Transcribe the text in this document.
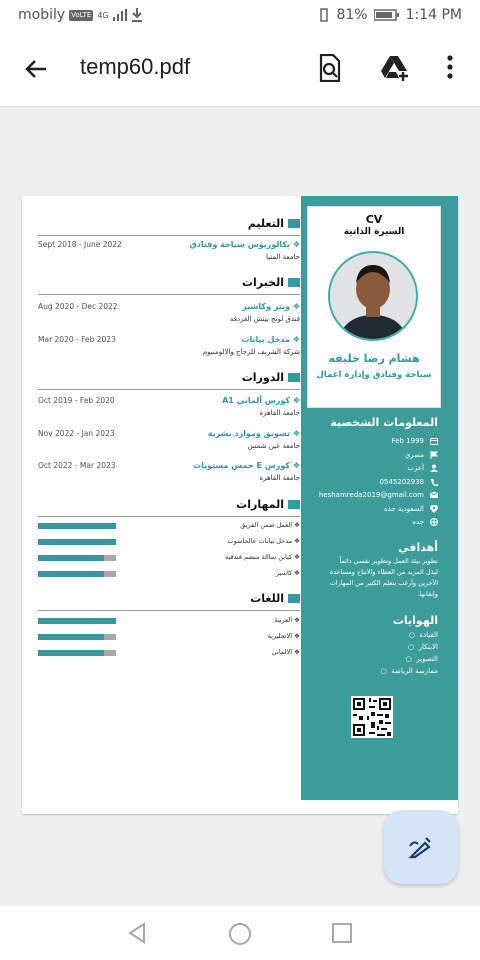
mobily VoLTE 4G	81%	1:14 PM
temp60.pdf
التعليم
❖ بكالوريوس سياحة وفنادق
جامعة المنيا
Sept 2018 - June 2022
الخبرات
❖ ويتر وكاشير
فندق لونج بيتش الغردقة
Aug 2020 - Dec 2022
❖ مدخل بيانات
شركة الشريف للزجاج والالومنيوم
Mar 2020 - Feb 2023
الدورات
❖ كورس ألماني A1
جامعة القاهرة
Oct 2019 - Feb 2020
❖ تسويق وموارد بشرية
جامعة عين شمس
Nov 2022 - Jan 2023
❖ كورس E خمس مستويات
جامعة القاهرة
Oct 2022 - Mar 2023
المهارات
❖ العمل ضمن الفريق
❖ مدخل بيانات عالحاسوب
❖ كيابن ساالة منضم فندقية
❖ كاشير
اللغات
❖ العربية
❖ الانجليزية
❖ الالماني
CV
السيرة الذاتية
هشام رضا خليفه
سياحة وفنادق وإدارة اعمال
المعلومات الشخصية
Feb 1999
مصري
أعزب
0545202938
heshamreda2019@gmail.com
السعودية جده
جده
أهدافي
تطوير بيئة العمل وتطوير نفسي دائماً لبذل المزيد من العطاء والانتاج ومساعدة الآخرين وأرغب بتعلم الكثير من المهارات وإتقانها.
الهوايات
القيادة  ○
الابتكار  ○
التصوير  ○
ممارسة الرياضة  ○
